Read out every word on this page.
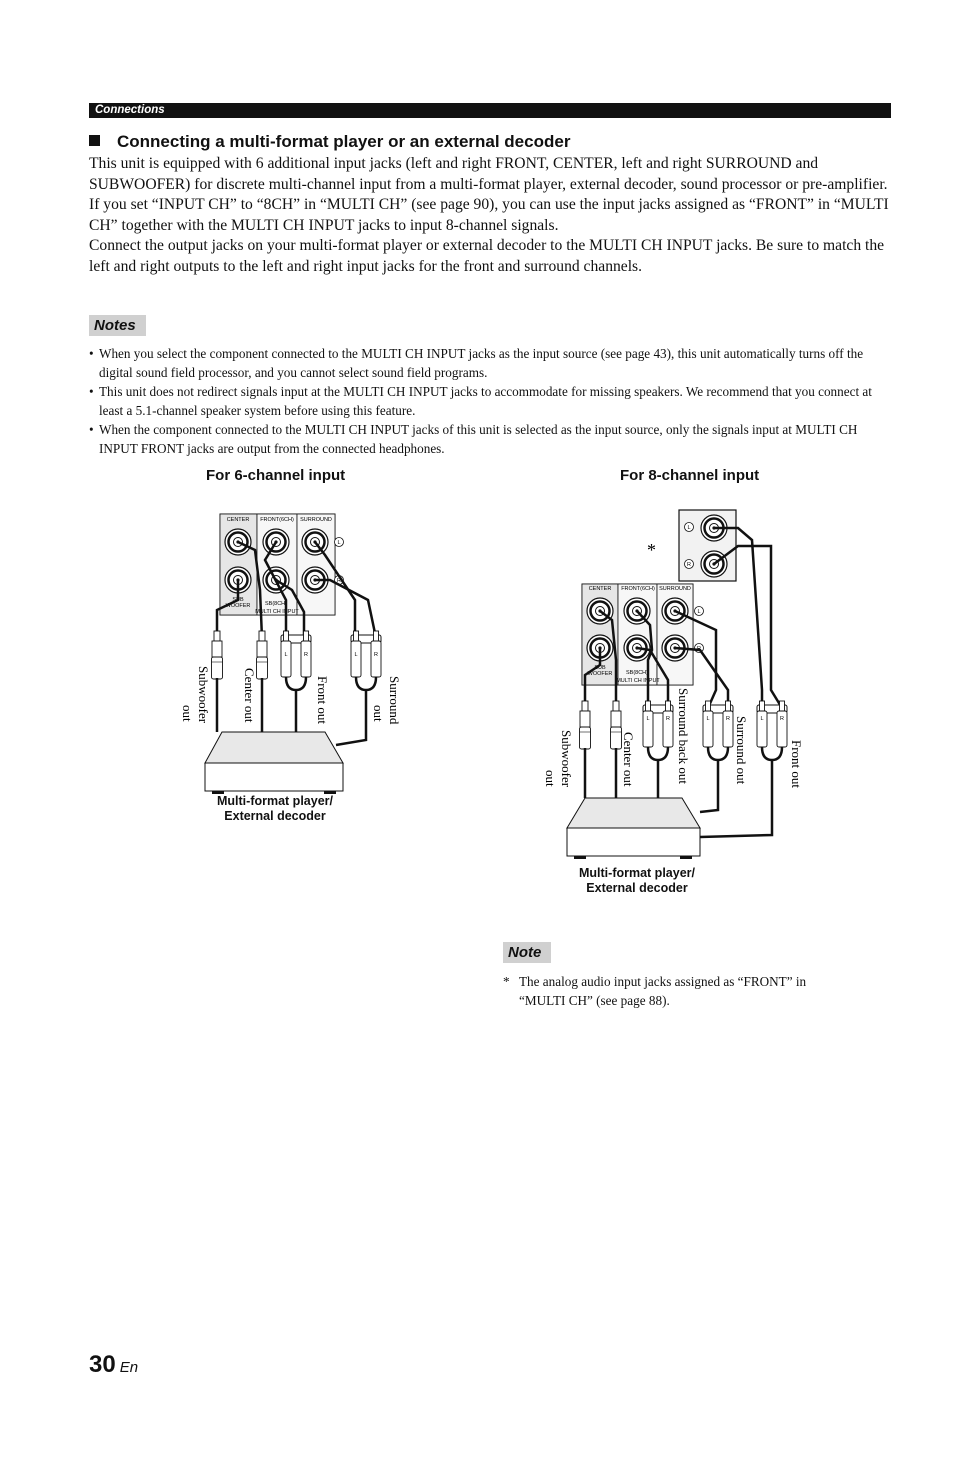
Connections
Connecting a multi-format player or an external decoder

This unit is equipped with 6 additional input jacks (left and right FRONT, CENTER, left and right SURROUND and SUBWOOFER) for discrete multi-channel input from a multi-format player, external decoder, sound processor or pre-amplifier.

If you set “INPUT CH” to “8CH” in “MULTI CH” (see page 90), you can use the input jacks assigned as “FRONT” in “MULTI CH” together with the MULTI CH INPUT jacks to input 8-channel signals.

Connect the output jacks on your multi-format player or external decoder to the MULTI CH INPUT jacks. Be sure to match the left and right outputs to the left and right input jacks for the front and surround channels.

Notes
• When you select the component connected to the MULTI CH INPUT jacks as the input source (see page 43), this unit automatically turns off the digital sound field processor, and you cannot select sound field programs.
• This unit does not redirect signals input at the MULTI CH INPUT jacks to accommodate for missing speakers. We recommend that you connect at least a 5.1-channel speaker system before using this feature.
• When the component connected to the MULTI CH INPUT jacks of this unit is selected as the input source, only the signals input at MULTI CH INPUT FRONT jacks are output from the connected headphones.
For 6-channel input	For 8-channel input
CENTER FRONT(6CH) SURROUND
SUB
WOOFER	SB(8CH)
MULTI CH INPUT
L
R
L	R	L	R
Subwoofer
out	Center out	Front out	Surround
out
*
L
R
CENTER FRONT(6CH) SURROUND
SUB
WOOFER SB(8CH)
MULTI CH INPUT
L
R
L	R	L	R	L	R
Subwoofer
out	Center out	Surround back out	Surround out	Front out
Multi-format player/
External decoder
Multi-format player/
External decoder
Note
* The analog audio input jacks assigned as “FRONT” in
“MULTI CH” (see page 88).
30 En
